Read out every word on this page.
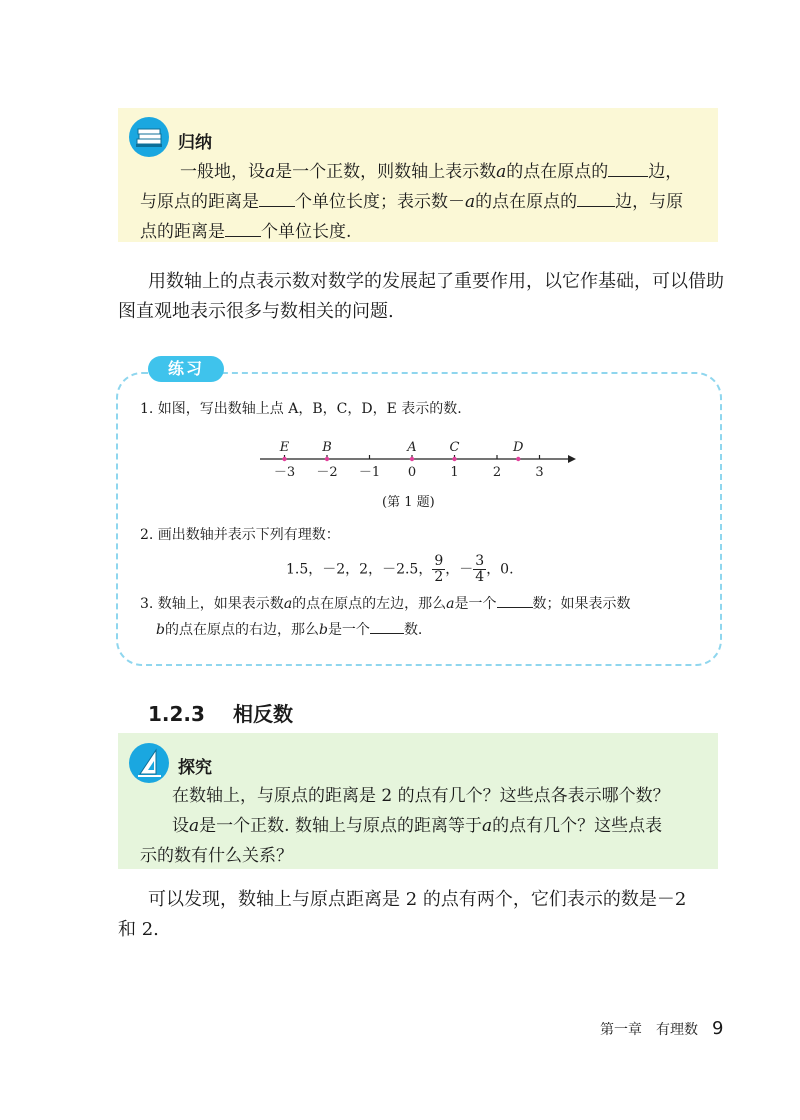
归纳
一般地，设a是一个正数，则数轴上表示数a的点在原点的 边，
与原点的距离是 个单位长度；表示数－a的点在原点的 边，与原
点的距离是 个单位长度.
用数轴上的点表示数对数学的发展起了重要作用，以它作基础，可以借助
图直观地表示很多与数相关的问题.
练习
1. 如图，写出数轴上点 A，B，C，D，E 表示的数.
－3 －2 －1 0	1	2	3
E	B	A	C	D
(第 1 题)
2. 画出数轴并表示下列有理数：
1.5，－2，2，－2.5， $\frac{9}{2}$ ，－ $\frac{3}{4}$ ，0.
3. 数轴上，如果表示数a的点在原点的左边，那么a是一个	数；如果表示数
b的点在原点的右边，那么b是一个 数.
1.2.3 相反数
探究
在数轴上，与原点的距离是 2 的点有几个？这些点各表示哪个数？
设a是一个正数. 数轴上与原点的距离等于a的点有几个？这些点表
示的数有什么关系？
可以发现，数轴上与原点距离是 2 的点有两个，它们表示的数是－2
和 2.
第一章　有理数 9
